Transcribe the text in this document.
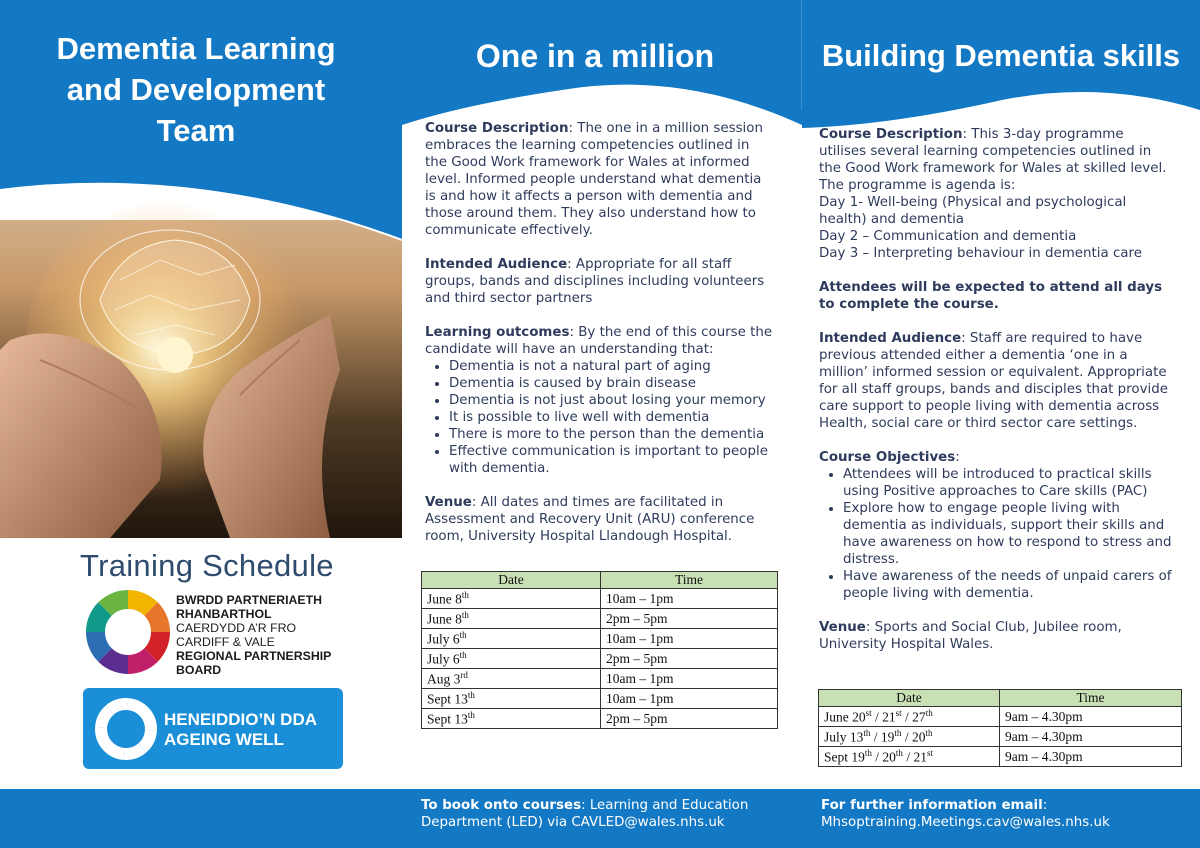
Dementia Learning
and Development
Team
Training Schedule
BWRDD PARTNERIAETH
RHANBARTHOL
CAERDYDD A’R FRO
CARDIFF & VALE
REGIONAL PARTNERSHIP
BOARD
HENEIDDIO’N DDA
AGEING WELL
One in a million	Building Dementia skills

Course Description: The one in a million session embraces the learning competencies outlined in the Good Work framework for Wales at informed level. Informed people understand what dementia is and how it affects a person with dementia and those around them. They also understand how to communicate effectively.

Intended Audience: Appropriate for all staff groups, bands and disciplines including volunteers and third sector partners

Learning outcomes: By the end of this course the candidate will have an understanding that:
• Dementia is not a natural part of aging
• Dementia is caused by brain disease
• Dementia is not just about losing your memory
• It is possible to live well with dementia
• There is more to the person than the dementia
• Effective communication is important to people with dementia.

Venue: All dates and times are facilitated in Assessment and Recovery Unit (ARU) conference room, University Hospital Llandough Hospital.

Date	Time
June 8th	10am – 1pm
June 8th	2pm – 5pm
July 6th	10am – 1pm
July 6th	2pm – 5pm
Aug 3rd	10am – 1pm
Sept 13th	10am – 1pm
Sept 13th	2pm – 5pm
Course Description: This 3-day programme utilises several learning competencies outlined in the Good Work framework for Wales at skilled level.
The programme is agenda is:
Day 1- Well-being (Physical and psychological health) and dementia
Day 2 – Communication and dementia

Day 3 – Interpreting behaviour in dementia care

Attendees will be expected to attend all days to complete the course.

Intended Audience: Staff are required to have previous attended either a dementia ‘one in a million’ informed session or equivalent. Appropriate for all staff groups, bands and disciples that provide care support to people living with dementia across Health, social care or third sector care settings.

Course Objectives:
• Attendees will be introduced to practical skills using Positive approaches to Care skills (PAC)
• Explore how to engage people living with dementia as individuals, support their skills and have awareness on how to respond to stress and distress.
• Have awareness of the needs of unpaid carers of people living with dementia.

Venue: Sports and Social Club, Jubilee room, University Hospital Wales.

Date	Time
June 20st / 21st / 27th	9am – 4.30pm
July 13th / 19th / 20th	9am – 4.30pm
Sept 19th / 20th / 21st	9am – 4.30pm
To book onto courses: Learning and Education Department (LED) via CAVLED@wales.nhs.uk
For further information email:
Mhsoptraining.Meetings.cav@wales.nhs.uk
